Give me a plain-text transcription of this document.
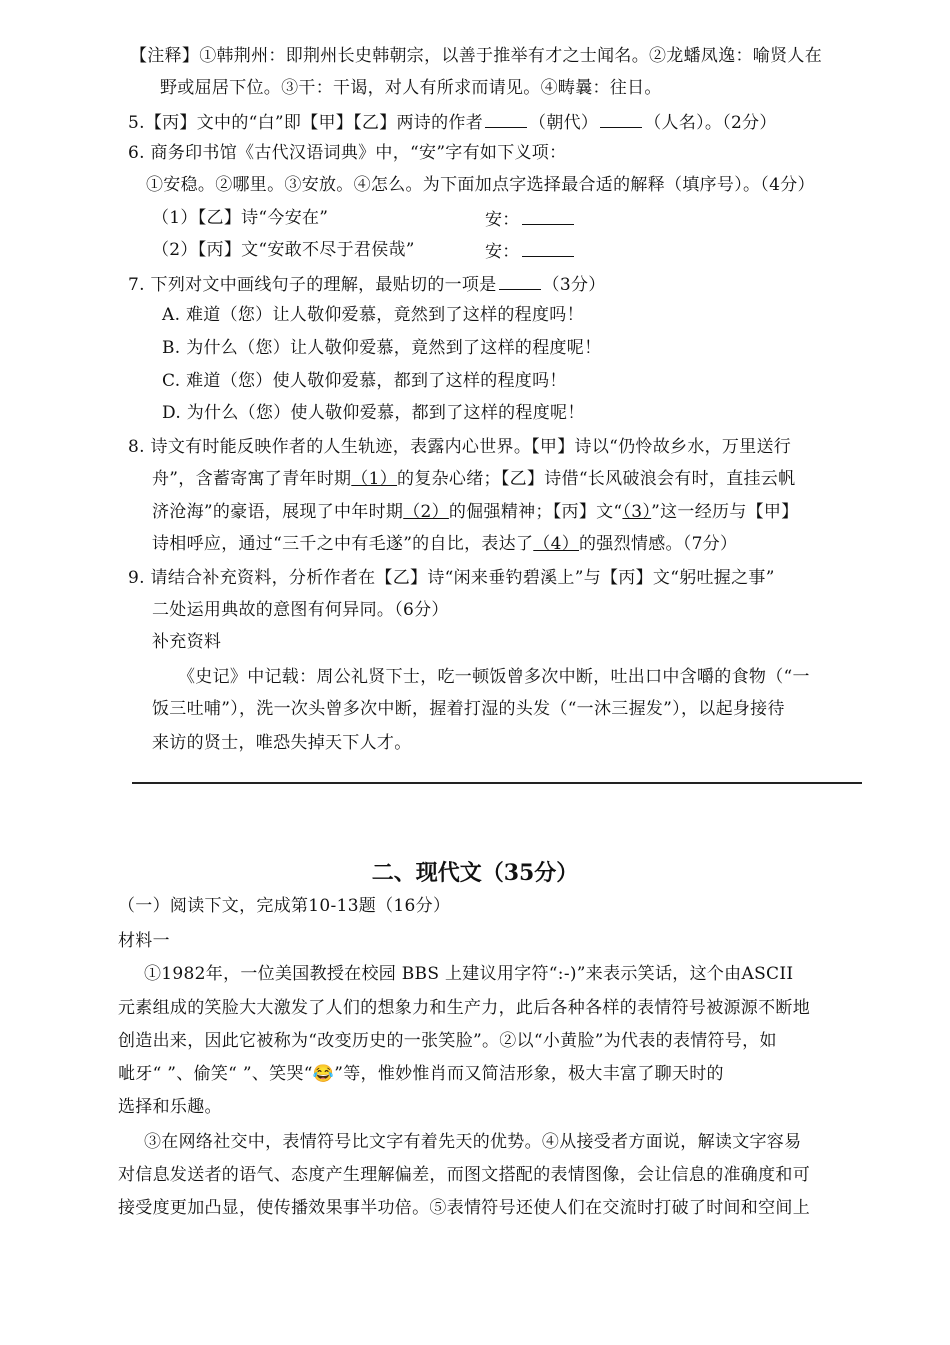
【注释】①韩荆州：即荆州长史韩朝宗，以善于推举有才之士闻名。②龙蟠凤逸：喻贤人在
野或屈居下位。③干：干谒，对人有所求而请见。④畴曩：往日。
5.【丙】文中的“白”即【甲】【乙】两诗的作者	（朝代）	（人名）。（2分）
6. 商务印书馆《古代汉语词典》中，“安”字有如下义项：
①安稳。②哪里。③安放。④怎么。为下面加点字选择最合适的解释（填序号）。（4分）
（1）【乙】诗“今安在”	安：
（2）【丙】文“安敢不尽于君侯哉”	安：
7. 下列对文中画线句子的理解，最贴切的一项是	（3分）
A. 难道（您）让人敬仰爱慕，竟然到了这样的程度吗！
B. 为什么（您）让人敬仰爱慕，竟然到了这样的程度呢！
C. 难道（您）使人敬仰爱慕，都到了这样的程度吗！
D. 为什么（您）使人敬仰爱慕，都到了这样的程度呢！
8. 诗文有时能反映作者的人生轨迹，表露内心世界。【甲】诗以“仍怜故乡水，万里送行
舟”，含蓄寄寓了青年时期（1）的复杂心绪；【乙】诗借“长风破浪会有时，直挂云帆
济沧海”的豪语，展现了中年时期（2）的倔强精神；【丙】文“（3）”这一经历与【甲】
诗相呼应，通过“三千之中有毛遂”的自比，表达了（4）的强烈情感。（7分）
9. 请结合补充资料，分析作者在【乙】诗“闲来垂钓碧溪上”与【丙】文“躬吐握之事”
二处运用典故的意图有何异同。（6分）
补充资料
《史记》中记载：周公礼贤下士，吃一顿饭曾多次中断，吐出口中含嚼的食物（“一
饭三吐哺”），洗一次头曾多次中断，握着打湿的头发（“一沐三握发”），以起身接待
来访的贤士，唯恐失掉天下人才。
二、现代文（35分）
（一）阅读下文，完成第10-13题（16分）
材料一
①1982年，一位美国教授在校园 BBS 上建议用字符“:-)”来表示笑话，这个由ASCII
元素组成的笑脸大大激发了人们的想象力和生产力，此后各种各样的表情符号被源源不断地
创造出来，因此它被称为“改变历史的一张笑脸”。②以“小黄脸”为代表的表情符号，如
呲牙“ ”、偷笑“ ”、笑哭“😂”等，惟妙惟肖而又简洁形象，极大丰富了聊天时的
选择和乐趣。
③在网络社交中，表情符号比文字有着先天的优势。④从接受者方面说，解读文字容易
对信息发送者的语气、态度产生理解偏差，而图文搭配的表情图像，会让信息的准确度和可
接受度更加凸显，使传播效果事半功倍。⑤表情符号还使人们在交流时打破了时间和空间上
